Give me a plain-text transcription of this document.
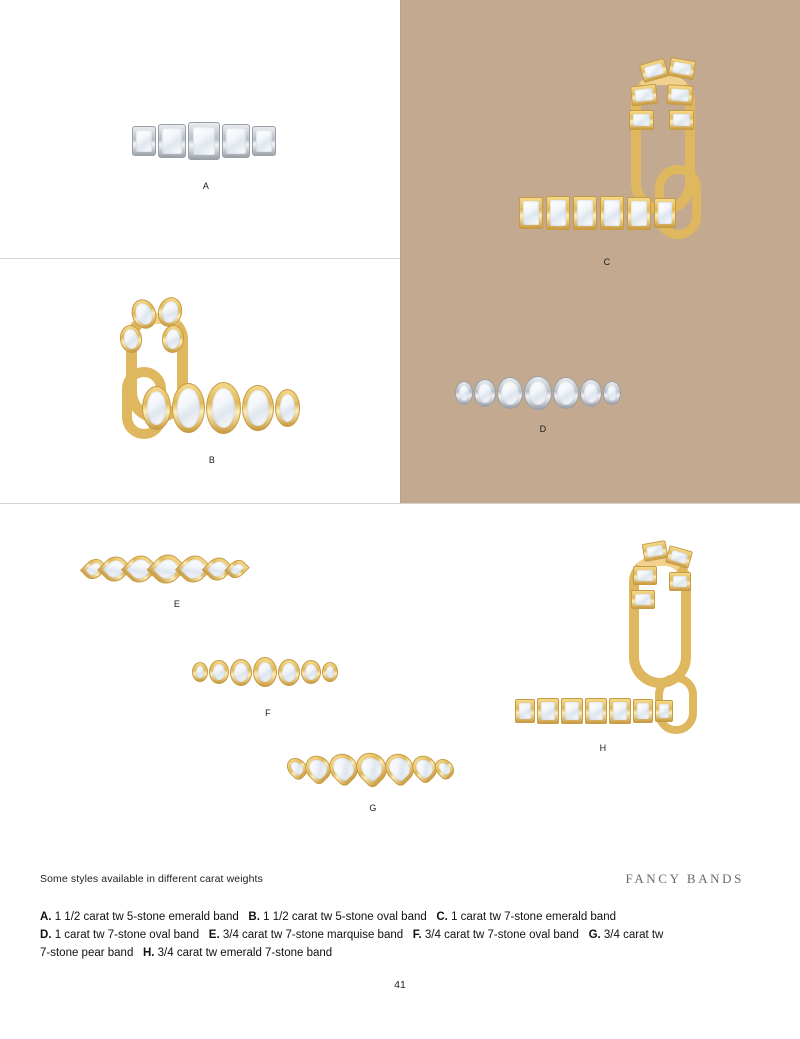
A
C
D
B
E
F
G
H
Some styles available in different carat weights	FANCY BANDS
A. 1 1/2 carat tw 5-stone emerald band B. 1 1/2 carat tw 5-stone oval band C. 1 carat tw 7-stone emerald band
D. 1 carat tw 7-stone oval band E. 3/4 carat tw 7-stone marquise band F. 3/4 carat tw 7-stone oval band G. 3/4 carat tw
7-stone pear band H. 3/4 carat tw emerald 7-stone band
41
